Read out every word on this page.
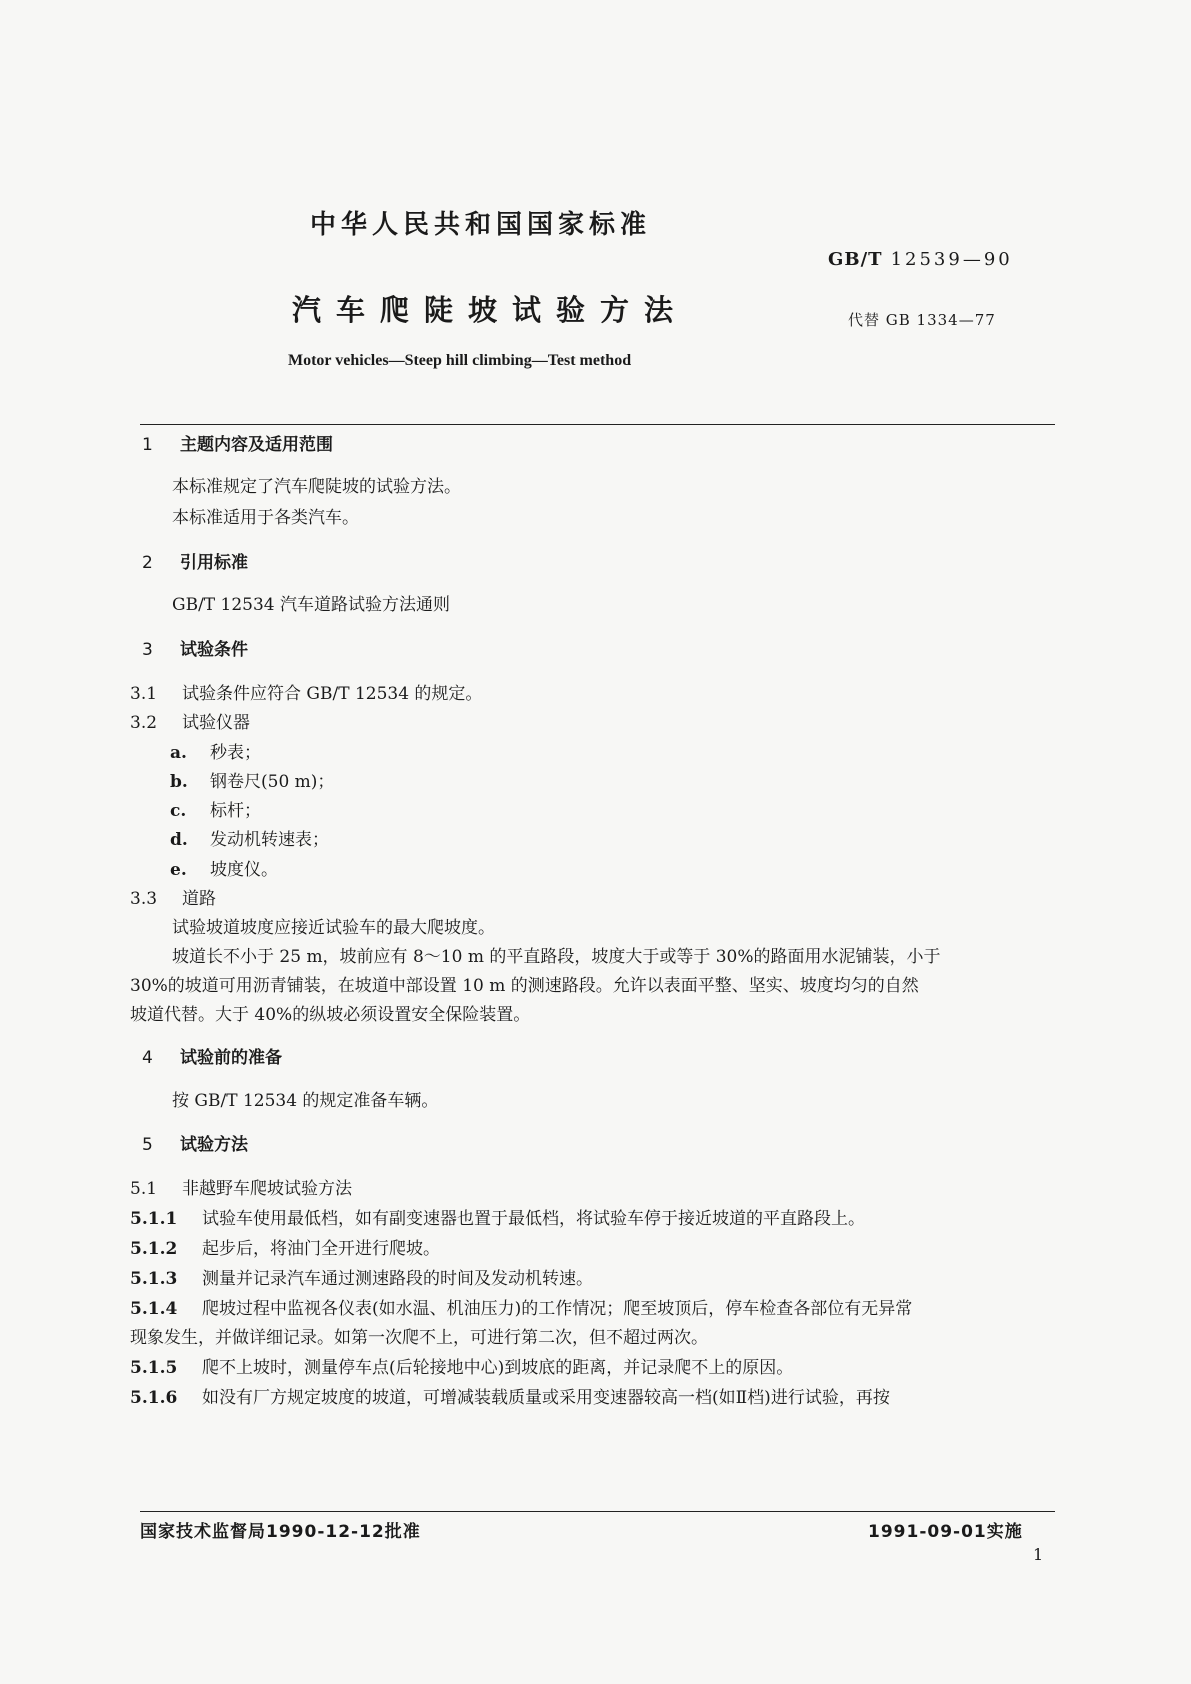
中华人民共和国国家标准
GB/T 12539—90
汽车爬陡坡试验方法	代替 GB 1334—77
Motor vehicles—Steep hill climbing—Test method
1 主题内容及适用范围
本标准规定了汽车爬陡坡的试验方法。
本标准适用于各类汽车。
2 引用标准
GB/T 12534 汽车道路试验方法通则
3 试验条件
3.1 试验条件应符合 GB/T 12534 的规定。
3.2 试验仪器
a. 秒表；
b. 钢卷尺(50 m)；
c. 标杆；
d. 发动机转速表；
e. 坡度仪。
3.3 道路
试验坡道坡度应接近试验车的最大爬坡度。
坡道长不小于 25 m，坡前应有 8～10 m 的平直路段，坡度大于或等于 30%的路面用水泥铺装，小于
30%的坡道可用沥青铺装，在坡道中部设置 10 m 的测速路段。允许以表面平整、坚实、坡度均匀的自然
坡道代替。大于 40%的纵坡必须设置安全保险装置。
4 试验前的准备
按 GB/T 12534 的规定准备车辆。
5 试验方法
5.1 非越野车爬坡试验方法
5.1.1 试验车使用最低档，如有副变速器也置于最低档，将试验车停于接近坡道的平直路段上。
5.1.2 起步后，将油门全开进行爬坡。
5.1.3 测量并记录汽车通过测速路段的时间及发动机转速。
5.1.4 爬坡过程中监视各仪表(如水温、机油压力)的工作情况；爬至坡顶后，停车检查各部位有无异常
现象发生，并做详细记录。如第一次爬不上，可进行第二次，但不超过两次。
5.1.5 爬不上坡时，测量停车点(后轮接地中心)到坡底的距离，并记录爬不上的原因。
5.1.6 如没有厂方规定坡度的坡道，可增减装载质量或采用变速器较高一档(如Ⅱ档)进行试验，再按
国家技术监督局1990-12-12批准	1991-09-01实施
1
